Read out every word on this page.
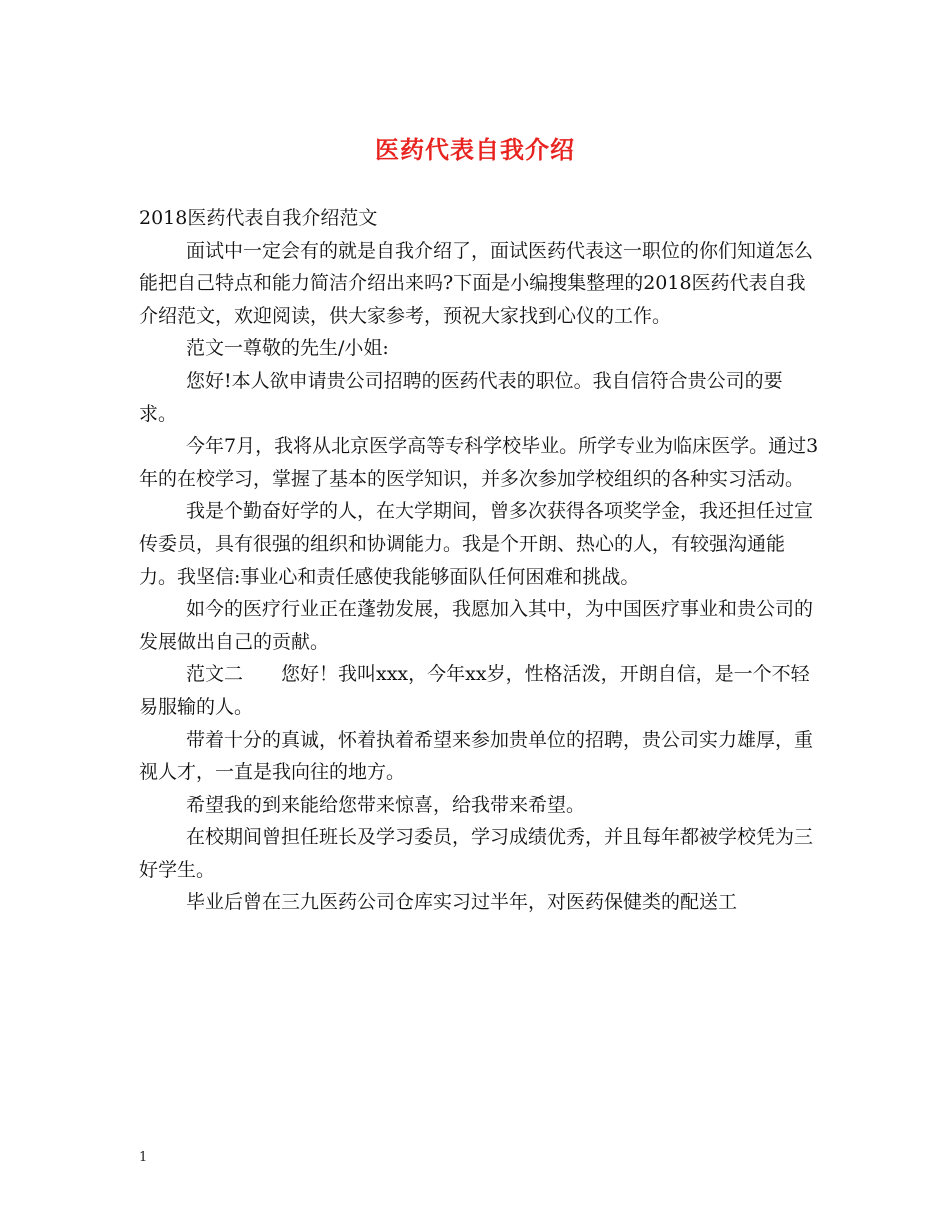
医药代表自我介绍

2018医药代表自我介绍范文

面试中一定会有的就是自我介绍了，面试医药代表这一职位的你们知道怎么能把自己特点和能力简洁介绍出来吗?下面是小编搜集整理的2018医药代表自我介绍范文，欢迎阅读，供大家参考，预祝大家找到心仪的工作。

范文一尊敬的先生/小姐:

您好!本人欲申请贵公司招聘的医药代表的职位。我自信符合贵公司的要求。

今年7月，我将从北京医学高等专科学校毕业。所学专业为临床医学。通过3年的在校学习，掌握了基本的医学知识，并多次参加学校组织的各种实习活动。

我是个勤奋好学的人，在大学期间，曾多次获得各项奖学金，我还担任过宣传委员，具有很强的组织和协调能力。我是个开朗、热心的人，有较强沟通能力。我坚信:事业心和责任感使我能够面队任何困难和挑战。

如今的医疗行业正在蓬勃发展，我愿加入其中，为中国医疗事业和贵公司的发展做出自己的贡献。

范文二　　您好！我叫xxx，今年xx岁，性格活泼，开朗自信，是一个不轻易服输的人。

带着十分的真诚，怀着执着希望来参加贵单位的招聘，贵公司实力雄厚，重视人才，一直是我向往的地方。

希望我的到来能给您带来惊喜，给我带来希望。

在校期间曾担任班长及学习委员，学习成绩优秀，并且每年都被学校凭为三好学生。

毕业后曾在三九医药公司仓库实习过半年，对医药保健类的配送工

1
